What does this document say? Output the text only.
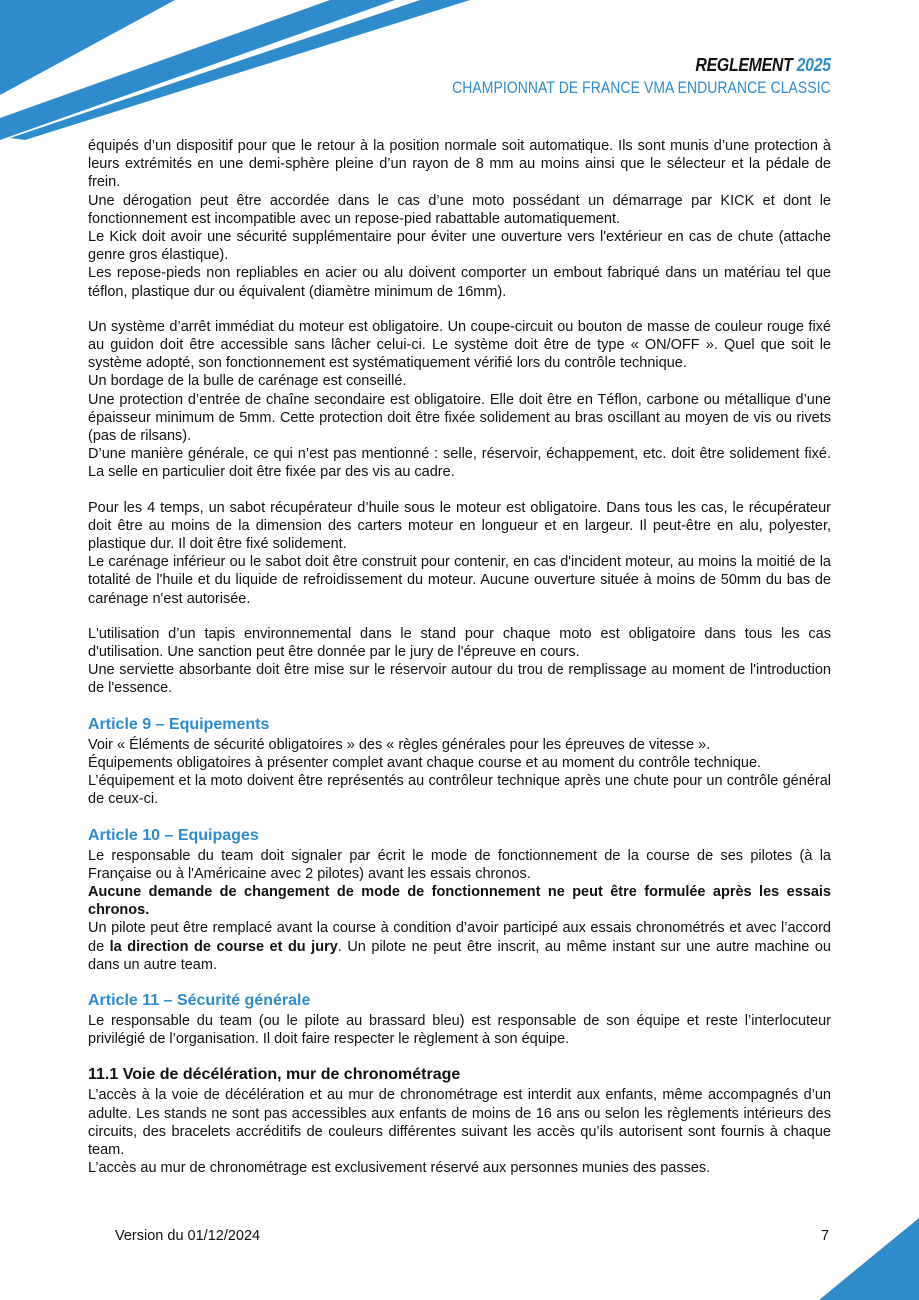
REGLEMENT 2025
CHAMPIONNAT DE FRANCE VMA ENDURANCE CLASSIC

équipés d’un dispositif pour que le retour à la position normale soit automatique. Ils sont munis d’une protection à leurs extrémités en une demi-sphère pleine d’un rayon de 8 mm au moins ainsi que le sélecteur et la pédale de frein.

Une dérogation peut être accordée dans le cas d’une moto possédant un démarrage par KICK et dont le fonctionnement est incompatible avec un repose-pied rabattable automatiquement.

Le Kick doit avoir une sécurité supplémentaire pour éviter une ouverture vers l'extérieur en cas de chute (attache genre gros élastique).

Les repose-pieds non repliables en acier ou alu doivent comporter un embout fabriqué dans un matériau tel que téflon, plastique dur ou équivalent (diamètre minimum de 16mm).

Un système d’arrêt immédiat du moteur est obligatoire. Un coupe-circuit ou bouton de masse de couleur rouge fixé au guidon doit être accessible sans lâcher celui-ci. Le système doit être de type « ON/OFF ». Quel que soit le système adopté, son fonctionnement est systématiquement vérifié lors du contrôle technique.

Un bordage de la bulle de carénage est conseillé.

Une protection d’entrée de chaîne secondaire est obligatoire. Elle doit être en Téflon, carbone ou métallique d’une épaisseur minimum de 5mm. Cette protection doit être fixée solidement au bras oscillant au moyen de vis ou rivets (pas de rilsans).

D’une manière générale, ce qui n’est pas mentionné : selle, réservoir, échappement, etc. doit être solidement fixé. La selle en particulier doit être fixée par des vis au cadre.

Pour les 4 temps, un sabot récupérateur d’huile sous le moteur est obligatoire. Dans tous les cas, le récupérateur doit être au moins de la dimension des carters moteur en longueur et en largeur. Il peut-être en alu, polyester, plastique dur. Il doit être fixé solidement.

Le carénage inférieur ou le sabot doit être construit pour contenir, en cas d'incident moteur, au moins la moitié de la totalité de l'huile et du liquide de refroidissement du moteur. Aucune ouverture située à moins de 50mm du bas de carénage n'est autorisée.

L'utilisation d’un tapis environnemental dans le stand pour chaque moto est obligatoire dans tous les cas d'utilisation. Une sanction peut être donnée par le jury de l'épreuve en cours.

Une serviette absorbante doit être mise sur le réservoir autour du trou de remplissage au moment de l'introduction de l'essence.

Article 9 – Equipements

Voir « Éléments de sécurité obligatoires » des « règles générales pour les épreuves de vitesse ».

Équipements obligatoires à présenter complet avant chaque course et au moment du contrôle technique.

L’équipement et la moto doivent être représentés au contrôleur technique après une chute pour un contrôle général de ceux-ci.

Article 10 – Equipages

Le responsable du team doit signaler par écrit le mode de fonctionnement de la course de ses pilotes (à la Française ou à l'Américaine avec 2 pilotes) avant les essais chronos.

Aucune demande de changement de mode de fonctionnement ne peut être formulée après les essais chronos.

Un pilote peut être remplacé avant la course à condition d’avoir participé aux essais chronométrés et avec l’accord de la direction de course et du jury. Un pilote ne peut être inscrit, au même instant sur une autre machine ou dans un autre team.

Article 11 – Sécurité générale

Le responsable du team (ou le pilote au brassard bleu) est responsable de son équipe et reste l’interlocuteur privilégié de l’organisation. Il doit faire respecter le règlement à son équipe.

11.1 Voie de décélération, mur de chronométrage

L’accès à la voie de décélération et au mur de chronométrage est interdit aux enfants, même accompagnés d’un adulte. Les stands ne sont pas accessibles aux enfants de moins de 16 ans ou selon les règlements intérieurs des circuits, des bracelets accréditifs de couleurs différentes suivant les accès qu’ils autorisent sont fournis à chaque team.

L’accès au mur de chronométrage est exclusivement réservé aux personnes munies des passes.

Version du 01/12/2024	7
